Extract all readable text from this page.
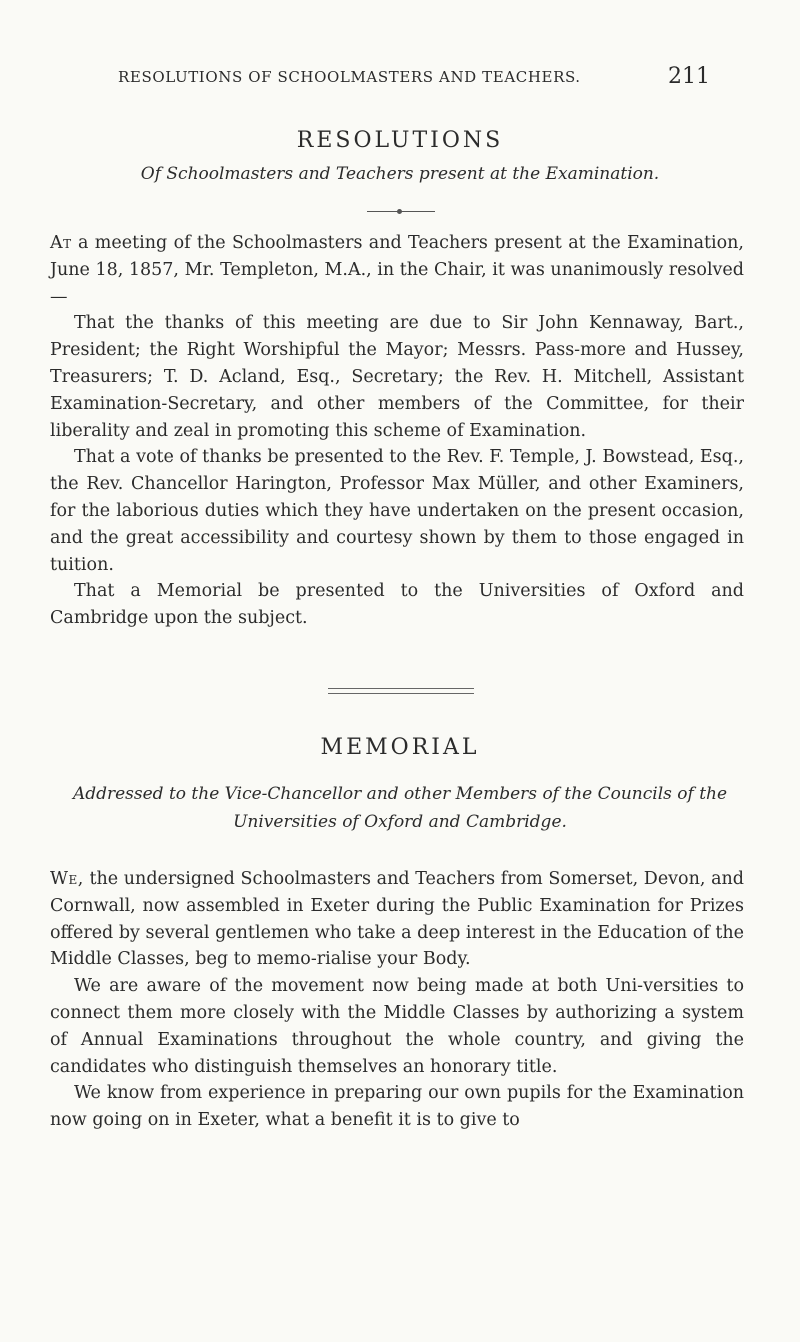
RESOLUTIONS OF SCHOOLMASTERS AND TEACHERS.	211
RESOLUTIONS
Of Schoolmasters and Teachers present at the Examination.

At a meeting of the Schoolmasters and Teachers present at the Examination, June 18, 1857, Mr. Templeton, M.A., in the Chair, it was unanimously resolved—

That the thanks of this meeting are due to Sir John Kennaway, Bart., President; the Right Worshipful the Mayor; Messrs. Pass-more and Hussey, Treasurers; T. D. Acland, Esq., Secretary; the Rev. H. Mitchell, Assistant Examination-Secretary, and other members of the Committee, for their liberality and zeal in promoting this scheme of Examination.

That a vote of thanks be presented to the Rev. F. Temple, J. Bowstead, Esq., the Rev. Chancellor Harington, Professor Max Müller, and other Examiners, for the laborious duties which they have undertaken on the present occasion, and the great accessibility and courtesy shown by them to those engaged in tuition.

That a Memorial be presented to the Universities of Oxford and Cambridge upon the subject.

MEMORIAL
Addressed to the Vice-Chancellor and other Members of the Councils of the
Universities of Oxford and Cambridge.

We, the undersigned Schoolmasters and Teachers from Somerset, Devon, and Cornwall, now assembled in Exeter during the Public Examination for Prizes offered by several gentlemen who take a deep interest in the Education of the Middle Classes, beg to memo-rialise your Body.

We are aware of the movement now being made at both Uni-versities to connect them more closely with the Middle Classes by authorizing a system of Annual Examinations throughout the whole country, and giving the candidates who distinguish themselves an honorary title.

We know from experience in preparing our own pupils for the Examination now going on in Exeter, what a benefit it is to give to
